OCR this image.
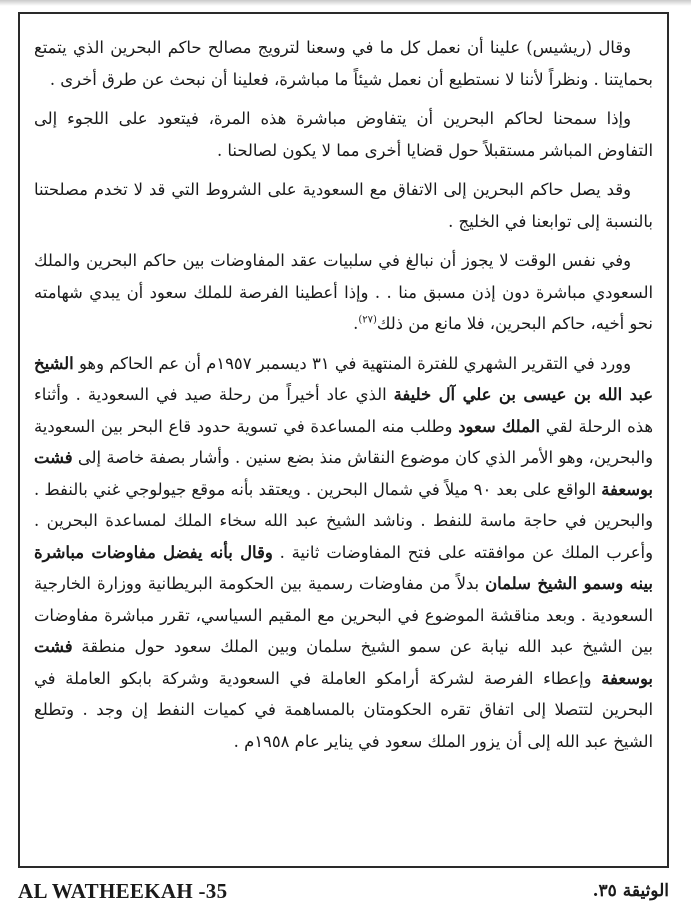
وقال (ريشيس) علينا أن نعمل كل ما في وسعنا لترويج مصالح حاكم البحرين الذي يتمتع بحمايتنا . ونظراً لأننا لا نستطيع أن نعمل شيئاً ما مباشرة، فعلينا أن نبحث عن طرق أخرى .

وإذا سمحنا لحاكم البحرين أن يتفاوض مباشرة هذه المرة، فيتعود على اللجوء إلى التفاوض المباشر مستقبلاً حول قضايا أخرى مما لا يكون لصالحنا .

وقد يصل حاكم البحرين إلى الاتفاق مع السعودية على الشروط التي قد لا تخدم مصلحتنا بالنسبة إلى توابعنا في الخليج .

وفي نفس الوقت لا يجوز أن نبالغ في سلبيات عقد المفاوضات بين حاكم البحرين والملك السعودي مباشرة دون إذن مسبق منا . . وإذا أعطينا الفرصة للملك سعود أن يبدي شهامته نحو أخيه، حاكم البحرين، فلا مانع من ذلك$^{(٢٧)}$.

وورد في التقرير الشهري للفترة المنتهية في ٣١ ديسمبر ١٩٥٧م أن عم الحاكم وهو الشيخ عبد الله بن عيسى بن علي آل خليفة الذي عاد أخيراً من رحلة صيد في السعودية . وأثناء هذه الرحلة لقي الملك سعود وطلب منه المساعدة في تسوية حدود قاع البحر بين السعودية والبحرين، وهو الأمر الذي كان موضوع النقاش منذ بضع سنين . وأشار بصفة خاصة إلى فشت بوسعفة الواقع على بعد ٩٠ ميلاً في شمال البحرين . ويعتقد بأنه موقع جيولوجي غني بالنفط . والبحرين في حاجة ماسة للنفط . وناشد الشيخ عبد الله سخاء الملك لمساعدة البحرين . وأعرب الملك عن موافقته على فتح المفاوضات ثانية . وقال بأنه يفضل مفاوضات مباشرة بينه وسمو الشيخ سلمان بدلاً من مفاوضات رسمية بين الحكومة البريطانية ووزارة الخارجية السعودية . وبعد مناقشة الموضوع في البحرين مع المقيم السياسي، تقرر مباشرة مفاوضات بين الشيخ عبد الله نيابة عن سمو الشيخ سلمان وبين الملك سعود حول منطقة فشت بوسعفة وإعطاء الفرصة لشركة أرامكو العاملة في السعودية وشركة بابكو العاملة في البحرين لتتصلا إلى اتفاق تقره الحكومتان بالمساهمة في كميات النفط إن وجد . وتطلع الشيخ عبد الله إلى أن يزور الملك سعود في يناير عام ١٩٥٨م .

AL WATHEEKAH -35	الوثيقة ٣٥.
